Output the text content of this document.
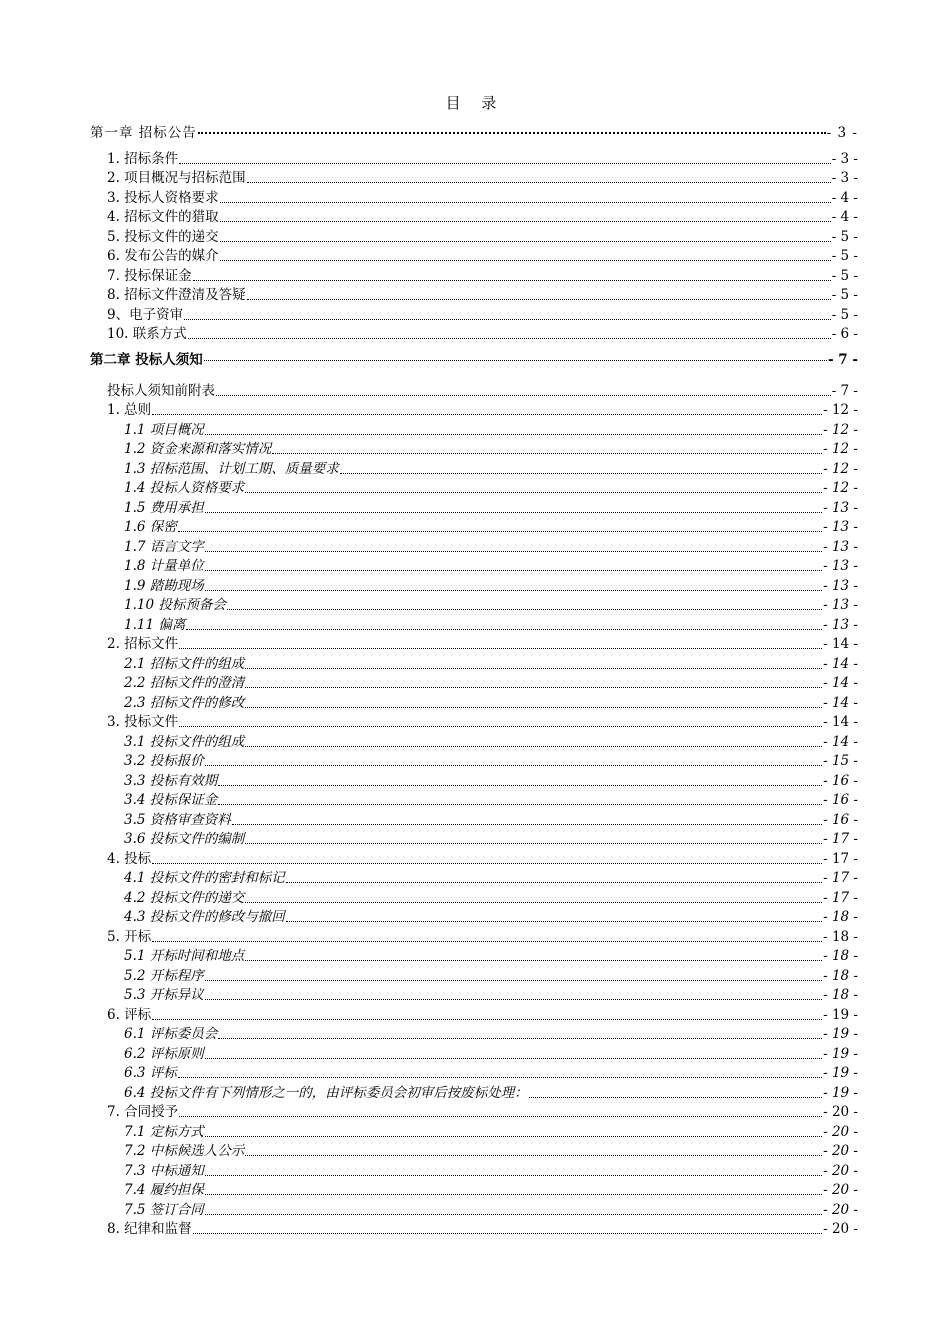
目 录
第一章 招标公告	- 3 -
1. 招标条件	- 3 -
2. 项目概况与招标范围	- 3 -
3. 投标人资格要求	- 4 -
4. 招标文件的猎取	- 4 -
5. 投标文件的递交	- 5 -
6. 发布公告的媒介	- 5 -
7. 投标保证金	- 5 -
8. 招标文件澄清及答疑	- 5 -
9、电子资审	- 5 -
10. 联系方式	- 6 -
第二章 投标人须知	- 7 -
投标人须知前附表	- 7 -
1. 总则	- 12 -
1.1 项目概况	- 12 -
1.2 资金来源和落实情况	- 12 -
1.3 招标范围、计划工期、质量要求	- 12 -
1.4 投标人资格要求	- 12 -
1.5 费用承担	- 13 -
1.6 保密	- 13 -
1.7 语言文字	- 13 -
1.8 计量单位	- 13 -
1.9 踏勘现场	- 13 -
1.10 投标预备会	- 13 -
1.11 偏离	- 13 -
2. 招标文件	- 14 -
2.1 招标文件的组成	- 14 -
2.2 招标文件的澄清	- 14 -
2.3 招标文件的修改	- 14 -
3. 投标文件	- 14 -
3.1 投标文件的组成	- 14 -
3.2 投标报价	- 15 -
3.3 投标有效期	- 16 -
3.4 投标保证金	- 16 -
3.5 资格审查资料	- 16 -
3.6 投标文件的编制	- 17 -
4. 投标	- 17 -
4.1 投标文件的密封和标记	- 17 -
4.2 投标文件的递交	- 17 -
4.3 投标文件的修改与撤回	- 18 -
5. 开标	- 18 -
5.1 开标时间和地点	- 18 -
5.2 开标程序	- 18 -
5.3 开标异议	- 18 -
6. 评标	- 19 -
6.1 评标委员会	- 19 -
6.2 评标原则	- 19 -
6.3 评标	- 19 -
6.4 投标文件有下列情形之一的，由评标委员会初审后按废标处理：	- 19 -
7. 合同授予	- 20 -
7.1 定标方式	- 20 -
7.2 中标候选人公示	- 20 -
7.3 中标通知	- 20 -
7.4 履约担保	- 20 -
7.5 签订合同	- 20 -
8. 纪律和监督	- 20 -
